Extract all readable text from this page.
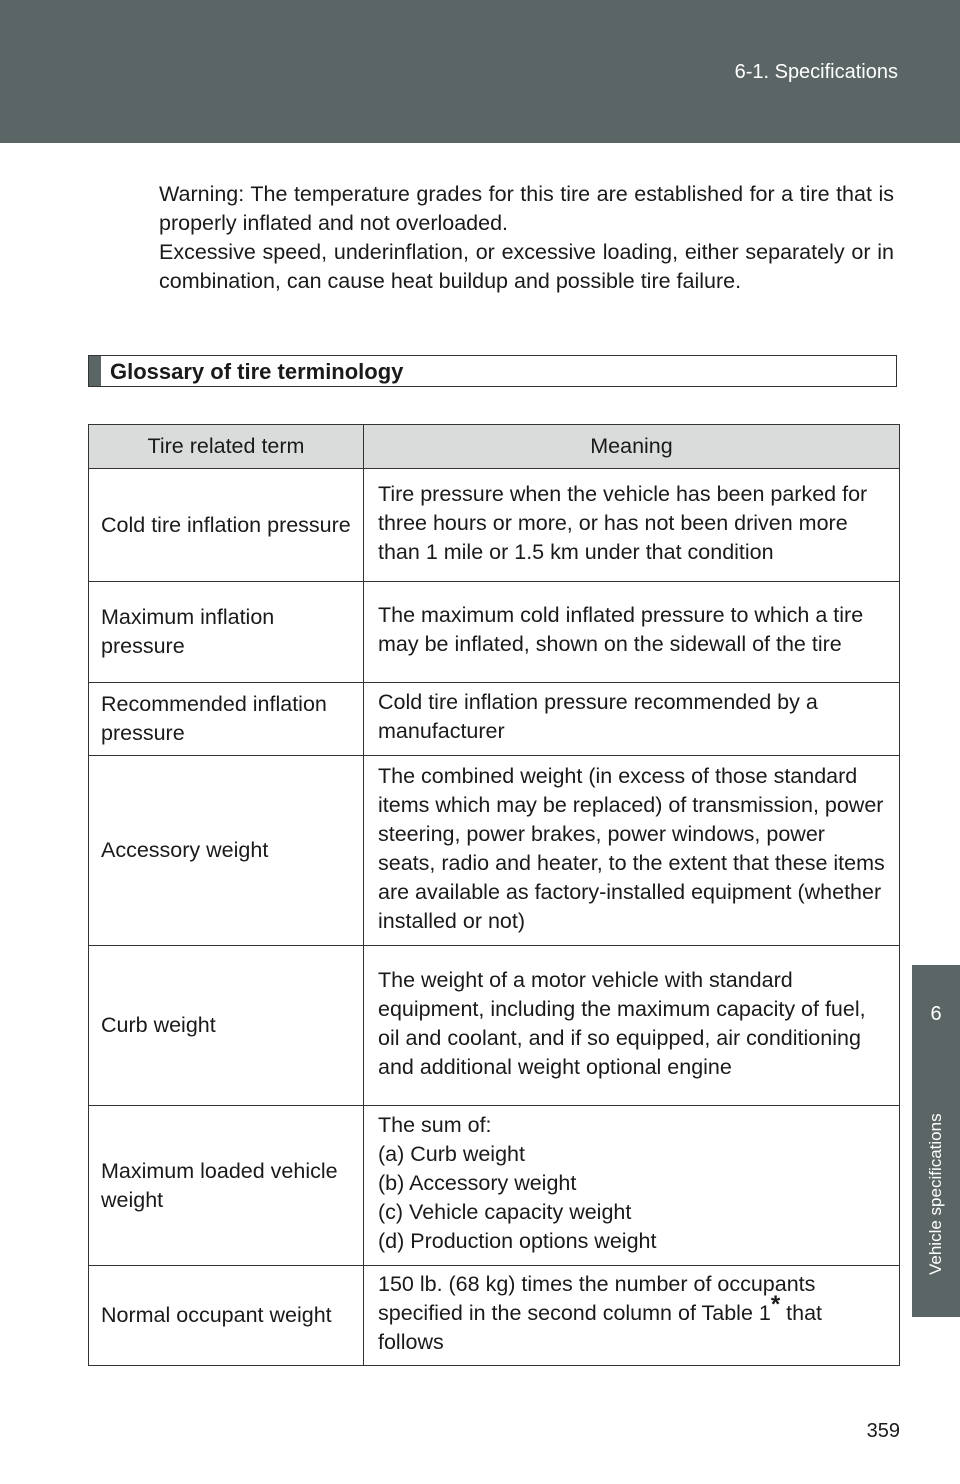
6-1. Specifications
6
Vehicle specifications

Warning: The temperature grades for this tire are established for a tire that is properly inflated and not overloaded.

Excessive speed, underinflation, or excessive loading, either separately or in combination, can cause heat buildup and possible tire failure.

Glossary of tire terminology
Tire related term	Meaning
Cold tire inflation pressure	Tire pressure when the vehicle has been parked for three hours or more, or has not been driven more than 1 mile or 1.5 km under that condition
Maximum inflation pressure	The maximum cold inflated pressure to which a tire may be inflated, shown on the sidewall of the tire
Recommended inflation pressure	Cold tire inflation pressure recommended by a manufacturer
Accessory weight	The combined weight (in excess of those standard items which may be replaced) of transmission, power steering, power brakes, power windows, power seats, radio and heater, to the extent that these items are available as factory-installed equipment (whether installed or not)
Curb weight	The weight of a motor vehicle with standard equipment, including the maximum capacity of fuel, oil and coolant, and if so equipped, air conditioning and additional weight optional engine
Maximum loaded vehicle weight	The sum of:
(a) Curb weight
(b) Accessory weight
(c) Vehicle capacity weight
(d) Production options weight

Normal occupant weight	150 lb. (68 kg) times the number of occupants specified in the second column of Table 1* that follows
359
